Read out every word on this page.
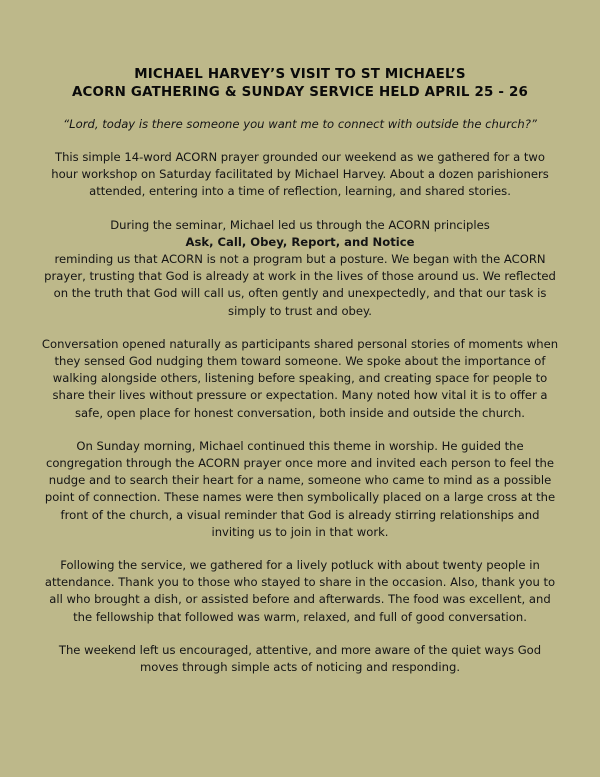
MICHAEL HARVEY’S VISIT TO ST MICHAEL’S
ACORN GATHERING & SUNDAY SERVICE HELD APRIL 25 - 26

“Lord, today is there someone you want me to connect with outside the church?”

This simple 14-word ACORN prayer grounded our weekend as we gathered for a two hour workshop on Saturday facilitated by Michael Harvey. About a dozen parishioners attended, entering into a time of reflection, learning, and shared stories.

During the seminar, Michael led us through the ACORN principles
Ask, Call, Obey, Report, and Notice
reminding us that ACORN is not a program but a posture. We began with the ACORN prayer, trusting that God is already at work in the lives of those around us. We reflected on the truth that God will call us, often gently and unexpectedly, and that our task is simply to trust and obey.

Conversation opened naturally as participants shared personal stories of moments when they sensed God nudging them toward someone. We spoke about the importance of walking alongside others, listening before speaking, and creating space for people to share their lives without pressure or expectation. Many noted how vital it is to offer a safe, open place for honest conversation, both inside and outside the church.

On Sunday morning, Michael continued this theme in worship. He guided the congregation through the ACORN prayer once more and invited each person to feel the nudge and to search their heart for a name, someone who came to mind as a possible point of connection. These names were then symbolically placed on a large cross at the front of the church, a visual reminder that God is already stirring relationships and inviting us to join in that work.

Following the service, we gathered for a lively potluck with about twenty people in attendance. Thank you to those who stayed to share in the occasion. Also, thank you to all who brought a dish, or assisted before and afterwards. The food was excellent, and the fellowship that followed was warm, relaxed, and full of good conversation.

The weekend left us encouraged, attentive, and more aware of the quiet ways God moves through simple acts of noticing and responding.
